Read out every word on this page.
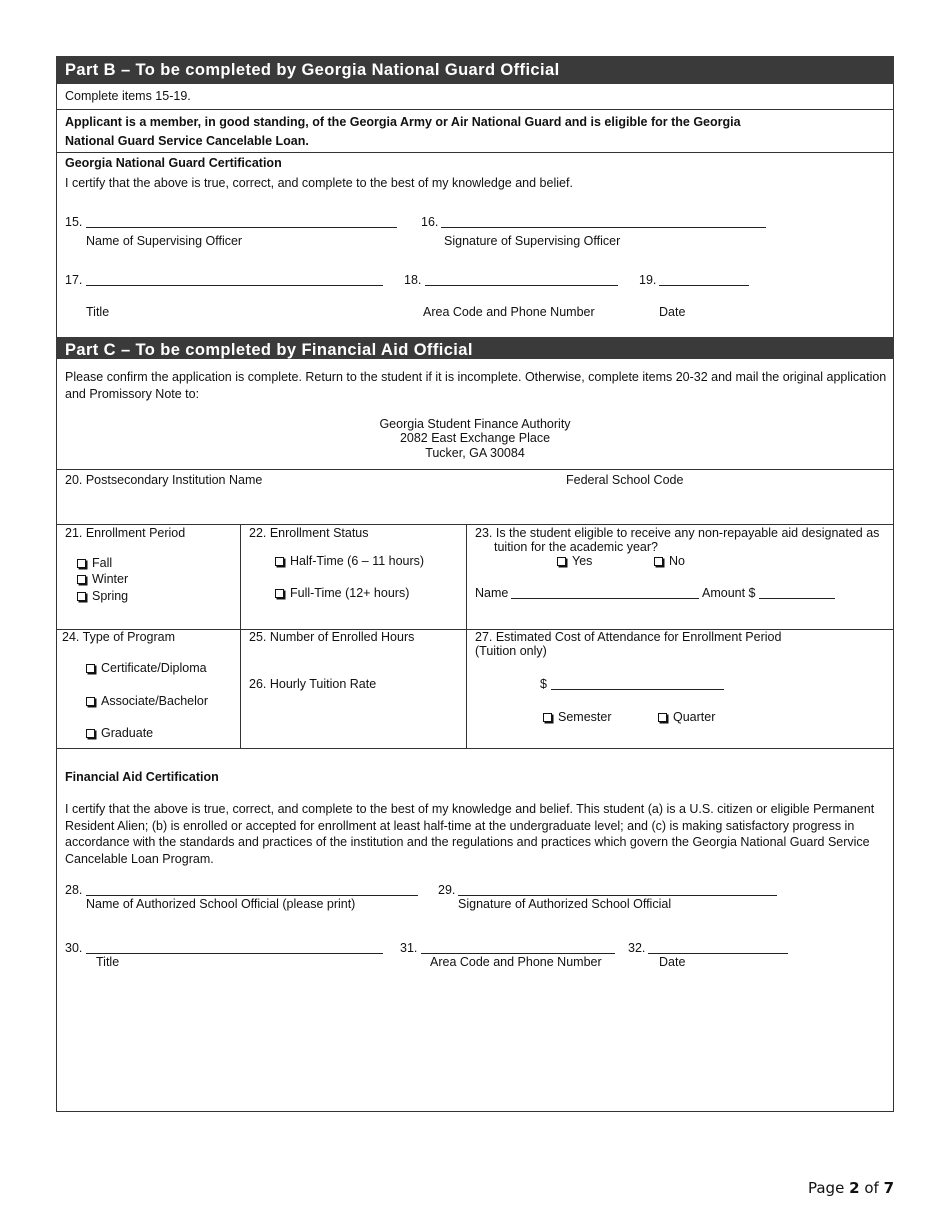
Part B – To be completed by Georgia National Guard Official
Complete items 15-19.
Applicant is a member, in good standing, of the Georgia Army or Air National Guard and is eligible for the Georgia
National Guard Service Cancelable Loan.
Georgia National Guard Certification
I certify that the above is true, correct, and complete to the best of my knowledge and belief.
15.
Name of Supervising Officer
16.
Signature of Supervising Officer
17.
Title
18.
Area Code and Phone Number
19.
Date
Part C – To be completed by Financial Aid Official
Please confirm the application is complete. Return to the student if it is incomplete. Otherwise, complete items 20-32 and mail the original application and Promissory Note to:
Georgia Student Finance Authority
2082 East Exchange Place
Tucker, GA 30084
20. Postsecondary Institution Name	Federal School Code
21. Enrollment Period
Fall
Winter
Spring
22. Enrollment Status
Half-Time (6 – 11 hours)
Full-Time (12+ hours)
23. Is the student eligible to receive any non-repayable aid designated as
tuition for the academic year?
Yes	No
Name	Amount $
24. Type of Program
Certificate/Diploma
Associate/Bachelor
Graduate
25. Number of Enrolled Hours
26. Hourly Tuition Rate
27. Estimated Cost of Attendance for Enrollment Period
(Tuition only)
$
Semester	Quarter
Financial Aid Certification
I certify that the above is true, correct, and complete to the best of my knowledge and belief. This student (a) is a U.S. citizen or eligible Permanent Resident Alien; (b) is enrolled or accepted for enrollment at least half-time at the undergraduate level; and (c) is making satisfactory progress in accordance with the standards and practices of the institution and the regulations and practices which govern the Georgia National Guard Service Cancelable Loan Program.
28.
Name of Authorized School Official (please print)
29.
Signature of Authorized School Official
30.
Title
31.
Area Code and Phone Number
32.
Date
Page 2 of 7
